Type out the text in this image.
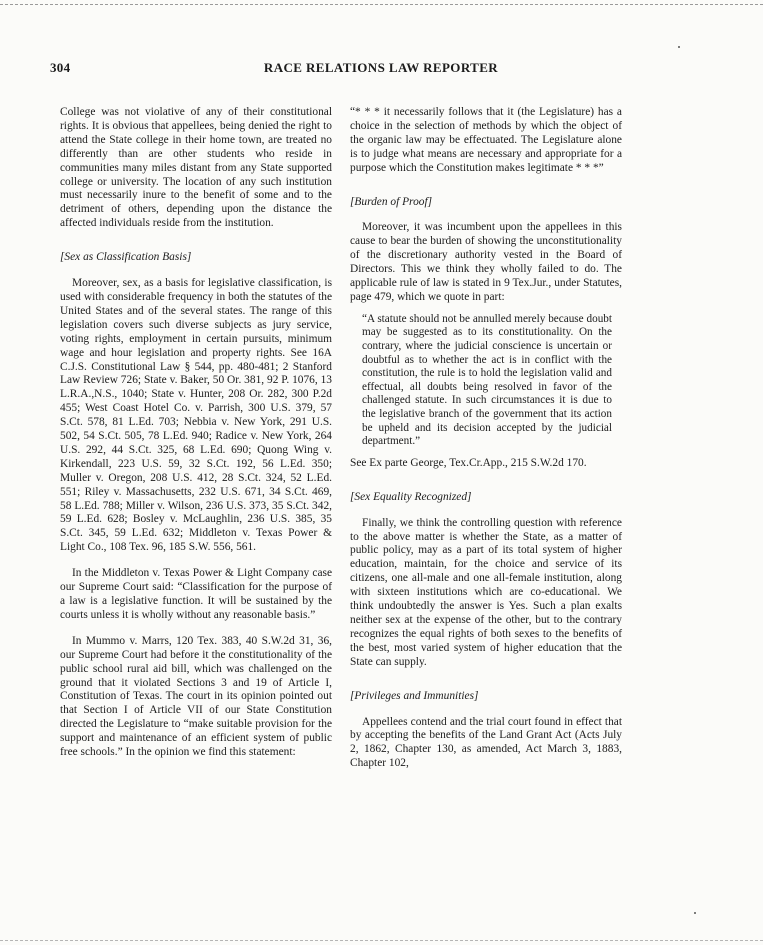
304	RACE RELATIONS LAW REPORTER

College was not violative of any of their constitutional rights. It is obvious that appellees, being denied the right to attend the State college in their home town, are treated no differently than are other students who reside in communities many miles distant from any State supported college or university. The location of any such institution must necessarily inure to the benefit of some and to the detriment of others, depending upon the distance the affected individuals reside from the institution.

[Sex as Classification Basis]

Moreover, sex, as a basis for legislative classification, is used with considerable frequency in both the statutes of the United States and of the several states. The range of this legislation covers such diverse subjects as jury service, voting rights, employment in certain pursuits, minimum wage and hour legislation and property rights. See 16A C.J.S. Constitutional Law § 544, pp. 480-481; 2 Stanford Law Review 726; State v. Baker, 50 Or. 381, 92 P. 1076, 13 L.R.A.,N.S., 1040; State v. Hunter, 208 Or. 282, 300 P.2d 455; West Coast Hotel Co. v. Parrish, 300 U.S. 379, 57 S.Ct. 578, 81 L.Ed. 703; Nebbia v. New York, 291 U.S. 502, 54 S.Ct. 505, 78 L.Ed. 940; Radice v. New York, 264 U.S. 292, 44 S.Ct. 325, 68 L.Ed. 690; Quong Wing v. Kirkendall, 223 U.S. 59, 32 S.Ct. 192, 56 L.Ed. 350; Muller v. Oregon, 208 U.S. 412, 28 S.Ct. 324, 52 L.Ed. 551; Riley v. Massachusetts, 232 U.S. 671, 34 S.Ct. 469, 58 L.Ed. 788; Miller v. Wilson, 236 U.S. 373, 35 S.Ct. 342, 59 L.Ed. 628; Bosley v. McLaughlin, 236 U.S. 385, 35 S.Ct. 345, 59 L.Ed. 632; Middleton v. Texas Power & Light Co., 108 Tex. 96, 185 S.W. 556, 561.

In the Middleton v. Texas Power & Light Company case our Supreme Court said: “Classification for the purpose of a law is a legislative function. It will be sustained by the courts unless it is wholly without any reasonable basis.”

In Mummo v. Marrs, 120 Tex. 383, 40 S.W.2d 31, 36, our Supreme Court had before it the constitutionality of the public school rural aid bill, which was challenged on the ground that it violated Sections 3 and 19 of Article I, Constitution of Texas. The court in its opinion pointed out that Section I of Article VII of our State Constitution directed the Legislature to “make suitable provision for the support and maintenance of an efficient system of public free schools.” In the opinion we find this statement:

“* * * it necessarily follows that it (the Legislature) has a choice in the selection of methods by which the object of the organic law may be effectuated. The Legislature alone is to judge what means are necessary and appropriate for a purpose which the Constitution makes legitimate * * *”

[Burden of Proof]

Moreover, it was incumbent upon the appellees in this cause to bear the burden of showing the unconstitutionality of the discretionary authority vested in the Board of Directors. This we think they wholly failed to do. The applicable rule of law is stated in 9 Tex.Jur., under Statutes, page 479, which we quote in part:

“A statute should not be annulled merely because doubt may be suggested as to its constitutionality. On the contrary, where the judicial conscience is uncertain or doubtful as to whether the act is in conflict with the constitution, the rule is to hold the legislation valid and effectual, all doubts being resolved in favor of the challenged statute. In such circumstances it is due to the legislative branch of the government that its action be upheld and its decision accepted by the judicial department.”

See Ex parte George, Tex.Cr.App., 215 S.W.2d 170.

[Sex Equality Recognized]

Finally, we think the controlling question with reference to the above matter is whether the State, as a matter of public policy, may as a part of its total system of higher education, maintain, for the choice and service of its citizens, one all-male and one all-female institution, along with sixteen institutions which are co-educational. We think undoubtedly the answer is Yes. Such a plan exalts neither sex at the expense of the other, but to the contrary recognizes the equal rights of both sexes to the benefits of the best, most varied system of higher education that the State can supply.

[Privileges and Immunities]

Appellees contend and the trial court found in effect that by accepting the benefits of the Land Grant Act (Acts July 2, 1862, Chapter 130, as amended, Act March 3, 1883, Chapter 102,
